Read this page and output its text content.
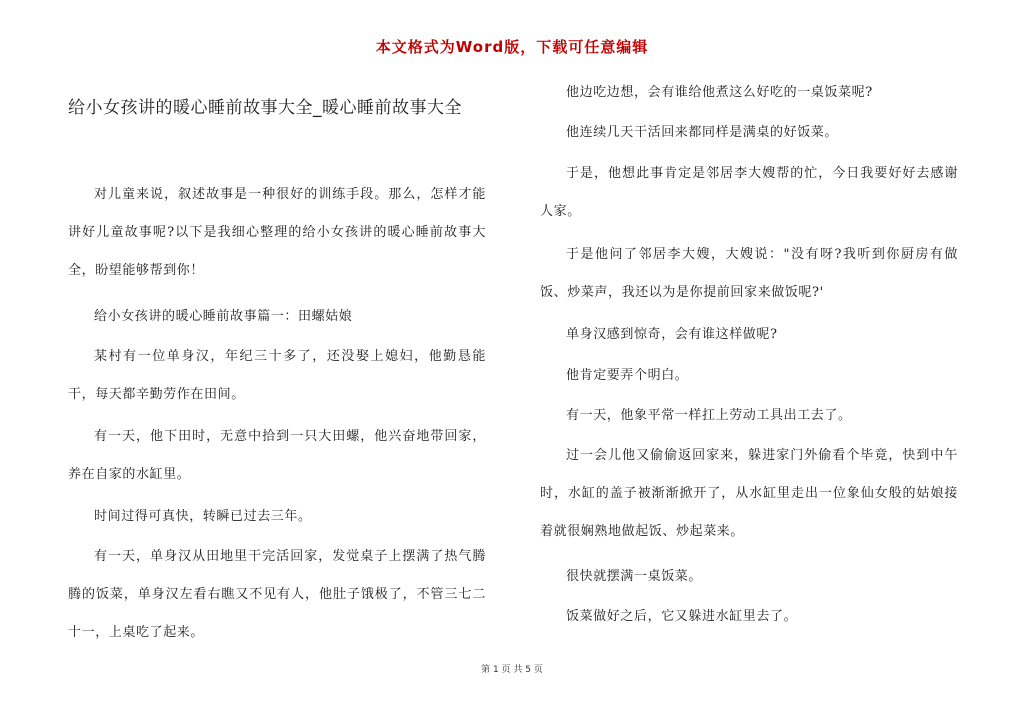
本文格式为Word版，下载可任意编辑
给小女孩讲的暖心睡前故事大全_暖心睡前故事大全

对儿童来说，叙述故事是一种很好的训练手段。那么，怎样才能讲好儿童故事呢?以下是我细心整理的给小女孩讲的暖心睡前故事大全，盼望能够帮到你！

给小女孩讲的暖心睡前故事篇一：田螺姑娘

某村有一位单身汉，年纪三十多了，还没娶上媳妇，他勤恳能干，每天都辛勤劳作在田间。

有一天，他下田时，无意中拾到一只大田螺，他兴奋地带回家，养在自家的水缸里。

时间过得可真快，转瞬已过去三年。

有一天，单身汉从田地里干完活回家，发觉桌子上摆满了热气腾腾的饭菜，单身汉左看右瞧又不见有人，他肚子饿极了，不管三七二十一，上桌吃了起来。

他边吃边想，会有谁给他煮这么好吃的一桌饭菜呢?

他连续几天干活回来都同样是满桌的好饭菜。

于是，他想此事肯定是邻居李大嫂帮的忙，今日我要好好去感谢人家。

于是他问了邻居李大嫂，大嫂说："没有呀?我听到你厨房有做饭、炒菜声，我还以为是你提前回家来做饭呢?'

单身汉感到惊奇，会有谁这样做呢?

他肯定要弄个明白。

有一天，他象平常一样扛上劳动工具出工去了。

过一会儿他又偷偷返回家来，躲进家门外偷看个毕竟，快到中午时，水缸的盖子被渐渐掀开了，从水缸里走出一位象仙女般的姑娘接着就很娴熟地做起饭、炒起菜来。

很快就摆满一桌饭菜。

饭菜做好之后，它又躲进水缸里去了。

第 1 页 共 5 页
